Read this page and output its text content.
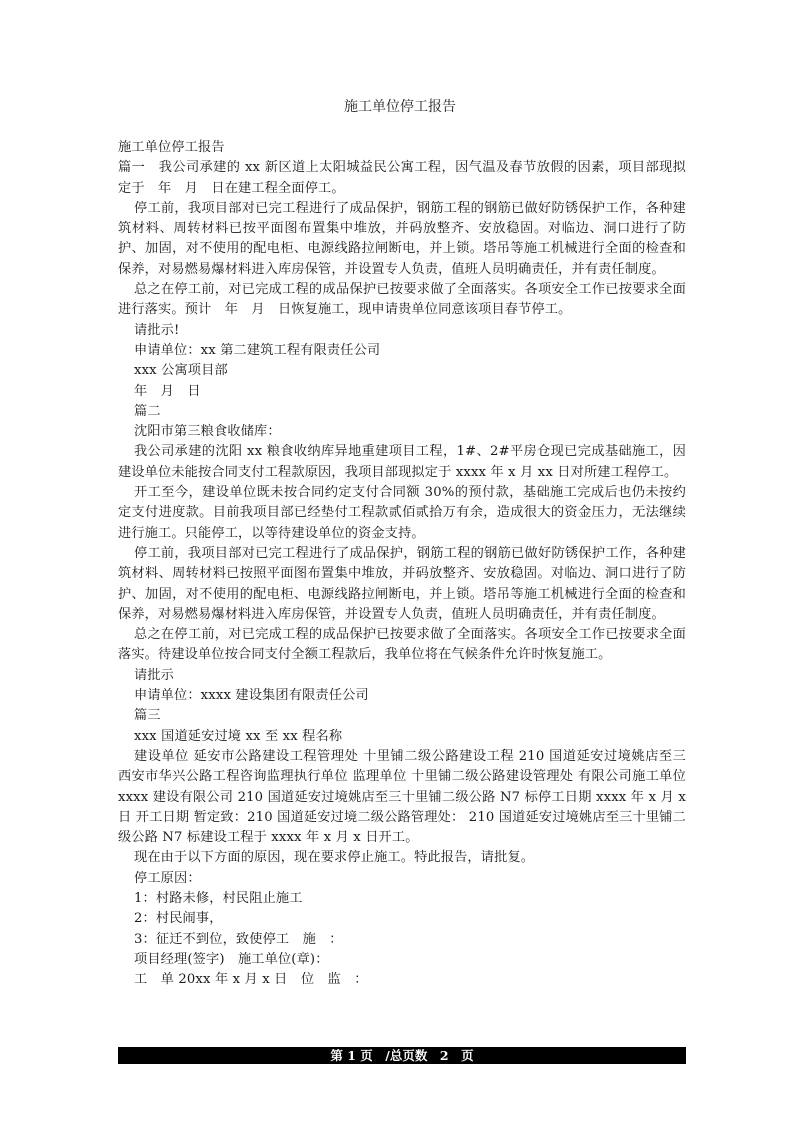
施工单位停工报告

施工单位停工报告

篇一　我公司承建的 xx 新区道上太阳城益民公寓工程，因气温及春节放假的因素，项目部现拟定于　年　月　日在建工程全面停工。

停工前，我项目部对已完工程进行了成品保护，钢筋工程的钢筋已做好防锈保护工作，各种建筑材料、周转材料已按平面图布置集中堆放，并码放整齐、安放稳固。对临边、洞口进行了防护、加固，对不使用的配电柜、电源线路拉闸断电，并上锁。塔吊等施工机械进行全面的检查和保养，对易燃易爆材料进入库房保管，并设置专人负责，值班人员明确责任，并有责任制度。

总之在停工前，对已完成工程的成品保护已按要求做了全面落实。各项安全工作已按要求全面进行落实。预计　年　月　日恢复施工，现申请贵单位同意该项目春节停工。

请批示!

申请单位：xx 第二建筑工程有限责任公司

xxx 公寓项目部

年　月　日

篇二

沈阳市第三粮食收储库：

我公司承建的沈阳 xx 粮食收纳库异地重建项目工程，1#、2#平房仓现已完成基础施工，因建设单位未能按合同支付工程款原因，我项目部现拟定于 xxxx 年 x 月 xx 日对所建工程停工。

开工至今，建设单位既未按合同约定支付合同额 30%的预付款，基础施工完成后也仍未按约定支付进度款。目前我项目部已经垫付工程款贰佰贰拾万有余，造成很大的资金压力，无法继续进行施工。只能停工，以等待建设单位的资金支持。

停工前，我项目部对已完工程进行了成品保护，钢筋工程的钢筋已做好防锈保护工作，各种建筑材料、周转材料已按照平面图布置集中堆放，并码放整齐、安放稳固。对临边、洞口进行了防护、加固，对不使用的配电柜、电源线路拉闸断电，并上锁。塔吊等施工机械进行全面的检查和保养，对易燃易爆材料进入库房保管，并设置专人负责，值班人员明确责任，并有责任制度。

总之在停工前，对已完成工程的成品保护已按要求做了全面落实。各项安全工作已按要求全面落实。待建设单位按合同支付全额工程款后，我单位将在气候条件允许时恢复施工。

请批示

申请单位：xxxx 建设集团有限责任公司

篇三

xxx 国道延安过境 xx 至 xx 程名称

建设单位 延安市公路建设工程管理处 十里铺二级公路建设工程 210 国道延安过境姚店至三 西安市华兴公路工程咨询监理执行单位 监理单位 十里铺二级公路建设管理处 有限公司施工单位 xxxx 建设有限公司 210 国道延安过境姚店至三十里铺二级公路 N7 标停工日期 xxxx 年 x 月 x 日 开工日期 暂定致：210 国道延安过境二级公路管理处： 210 国道延安过境姚店至三十里铺二级公路 N7 标建设工程于 xxxx 年 x 月 x 日开工。

现在由于以下方面的原因，现在要求停止施工。特此报告，请批复。

停工原因：

1：村路未修，村民阻止施工

2：村民闹事，

3：征迁不到位，致使停工　施　：

项目经理(签字)　施工单位(章)：

工　单 20xx 年 x 月 x 日　位　监　：

第 1 页　/总页数　2　页
